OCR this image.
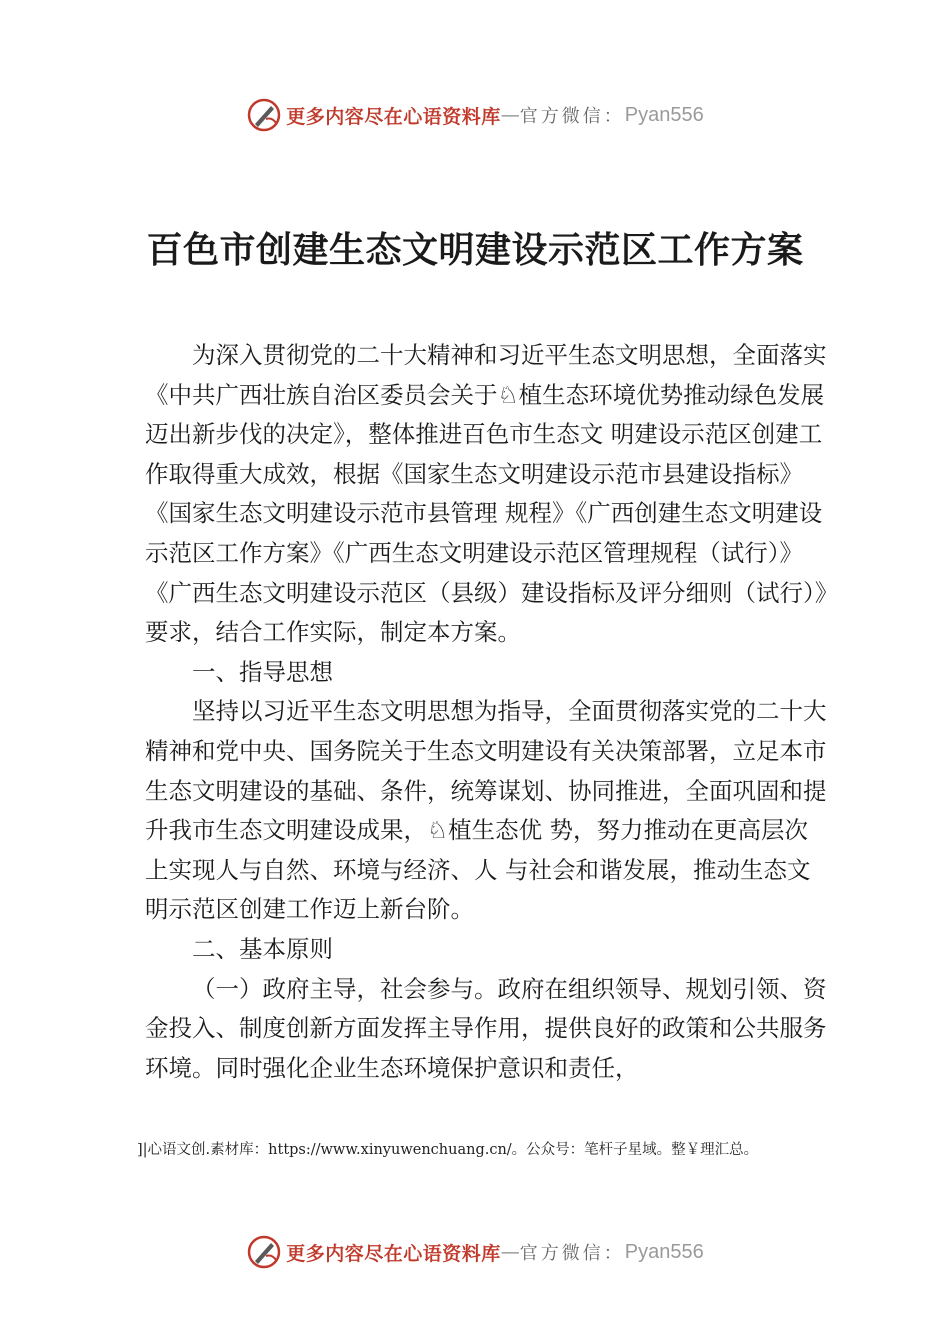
更多内容尽在心语资料库 — 官方微信： Pyan556
百色市创建生态文明建设示范区工作方案

为深入贯彻党的二十大精神和习近平生态文明思想，全面落实《中共广西壮族自治区委员会关于♘植生态环境优势推动绿色发展迈出新步伐的决定》，整体推进百色市生态文 明建设示范区创建工作取得重大成效，根据《国家生态文明建设示范市县建设指标》《国家生态文明建设示范市县管理 规程》《广西创建生态文明建设示范区工作方案》《广西生态文明建设示范区管理规程（试行）》《广西生态文明建设示范区（县级）建设指标及评分细则（试行）》要求，结合工作实际，制定本方案。

一、指导思想

坚持以习近平生态文明思想为指导，全面贯彻落实党的二十大精神和党中央、国务院关于生态文明建设有关决策部署，立足本市生态文明建设的基础、条件，统筹谋划、协同推进，全面巩固和提升我市生态文明建设成果，♘植生态优 势，努力推动在更高层次上实现人与自然、环境与经济、人 与社会和谐发展，推动生态文明示范区创建工作迈上新台阶。

二、基本原则

（一）政府主导，社会参与。政府在组织领导、规划引领、资金投入、制度创新方面发挥主导作用，提供良好的政策和公共服务环境。同时强化企业生态环境保护意识和责任，

]|心语文创.素材库：https://www.xinyuwenchuang.cn/。公众号：笔杆子星域。整￥理汇总。
更多内容尽在心语资料库 — 官方微信： Pyan556
